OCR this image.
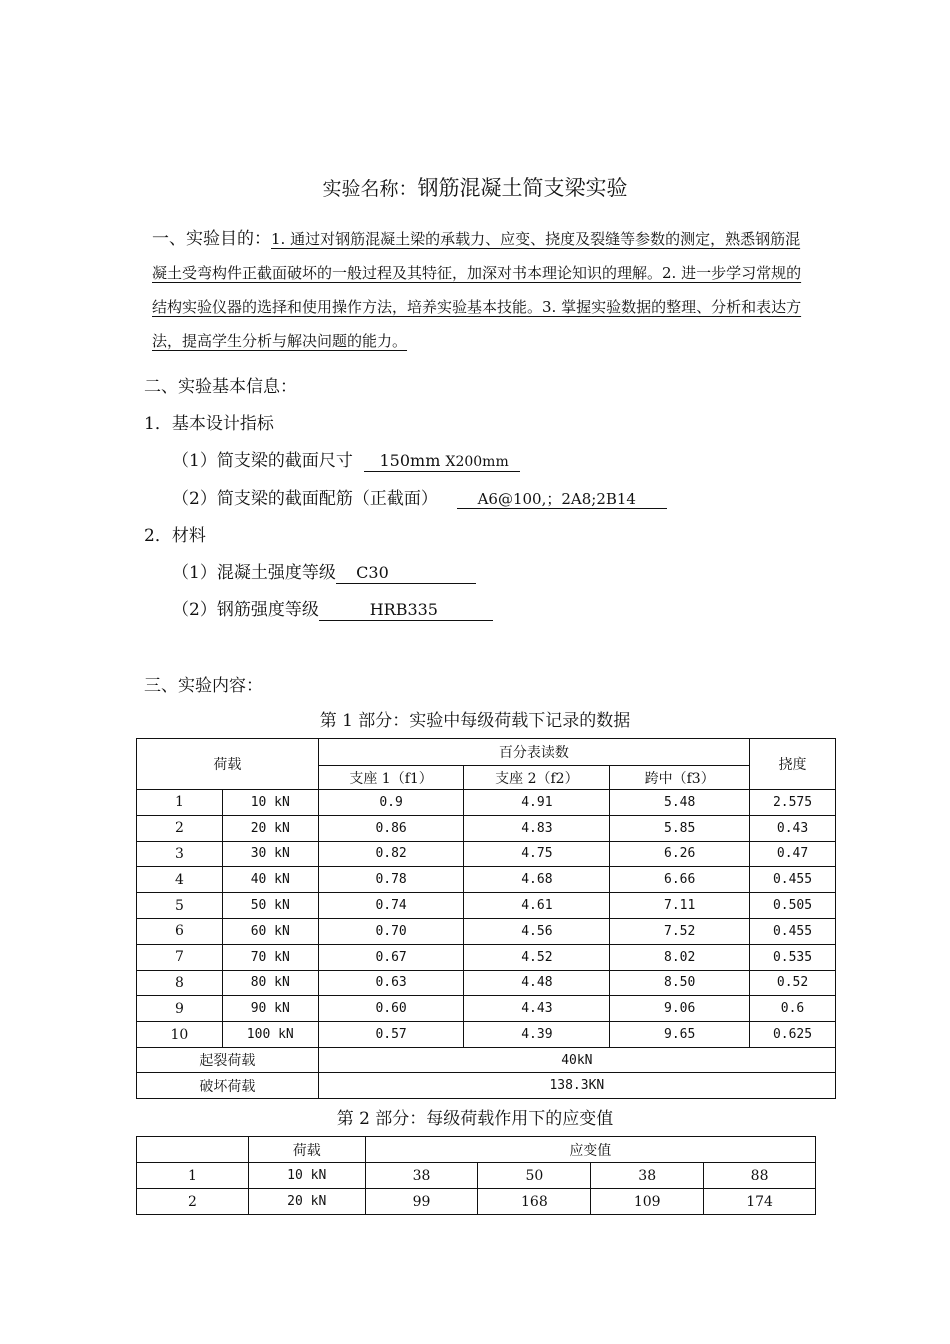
实验名称：钢筋混凝土简支梁实验
一、实验目的：1. 通过对钢筋混凝土梁的承载力、应变、挠度及裂缝等参数的测定，熟悉钢筋混凝土受弯构件正截面破坏的一般过程及其特征，加深对书本理论知识的理解。2. 进一步学习常规的结构实验仪器的选择和使用操作方法，培养实验基本技能。3. 掌握实验数据的整理、分析和表达方法，提高学生分析与解决问题的能力。
二、实验基本信息：
1．基本设计指标
（1）简支梁的截面尺寸 150mm X200mm
（2）简支梁的截面配筋（正截面）	A6@100,；2A8;2B14
2．材料
（1）混凝土强度等级 C30
（2）钢筋强度等级	HRB335
三、实验内容：
第 1 部分：实验中每级荷载下记录的数据
荷载		百分表读数			挠度
		支座 1（f1）	支座 2（f2）	跨中（f3）	
1	10 kN	0.9	4.91	5.48	2.575
2	20 kN	0.86	4.83	5.85	0.43
3	30 kN	0.82	4.75	6.26	0.47
4	40 kN	0.78	4.68	6.66	0.455
5	50 kN	0.74	4.61	7.11	0.505
6	60 kN	0.70	4.56	7.52	0.455
7	70 kN	0.67	4.52	8.02	0.535
8	80 kN	0.63	4.48	8.50	0.52
9	90 kN	0.60	4.43	9.06	0.6
10	100 kN	0.57	4.39	9.65	0.625
起裂荷载		40kN			
破坏荷载		138.3KN			
第 2 部分：每级荷载作用下的应变值
	荷载	应变值			
1	10 kN	38	50	38	88
2	20 kN	99	168	109	174
